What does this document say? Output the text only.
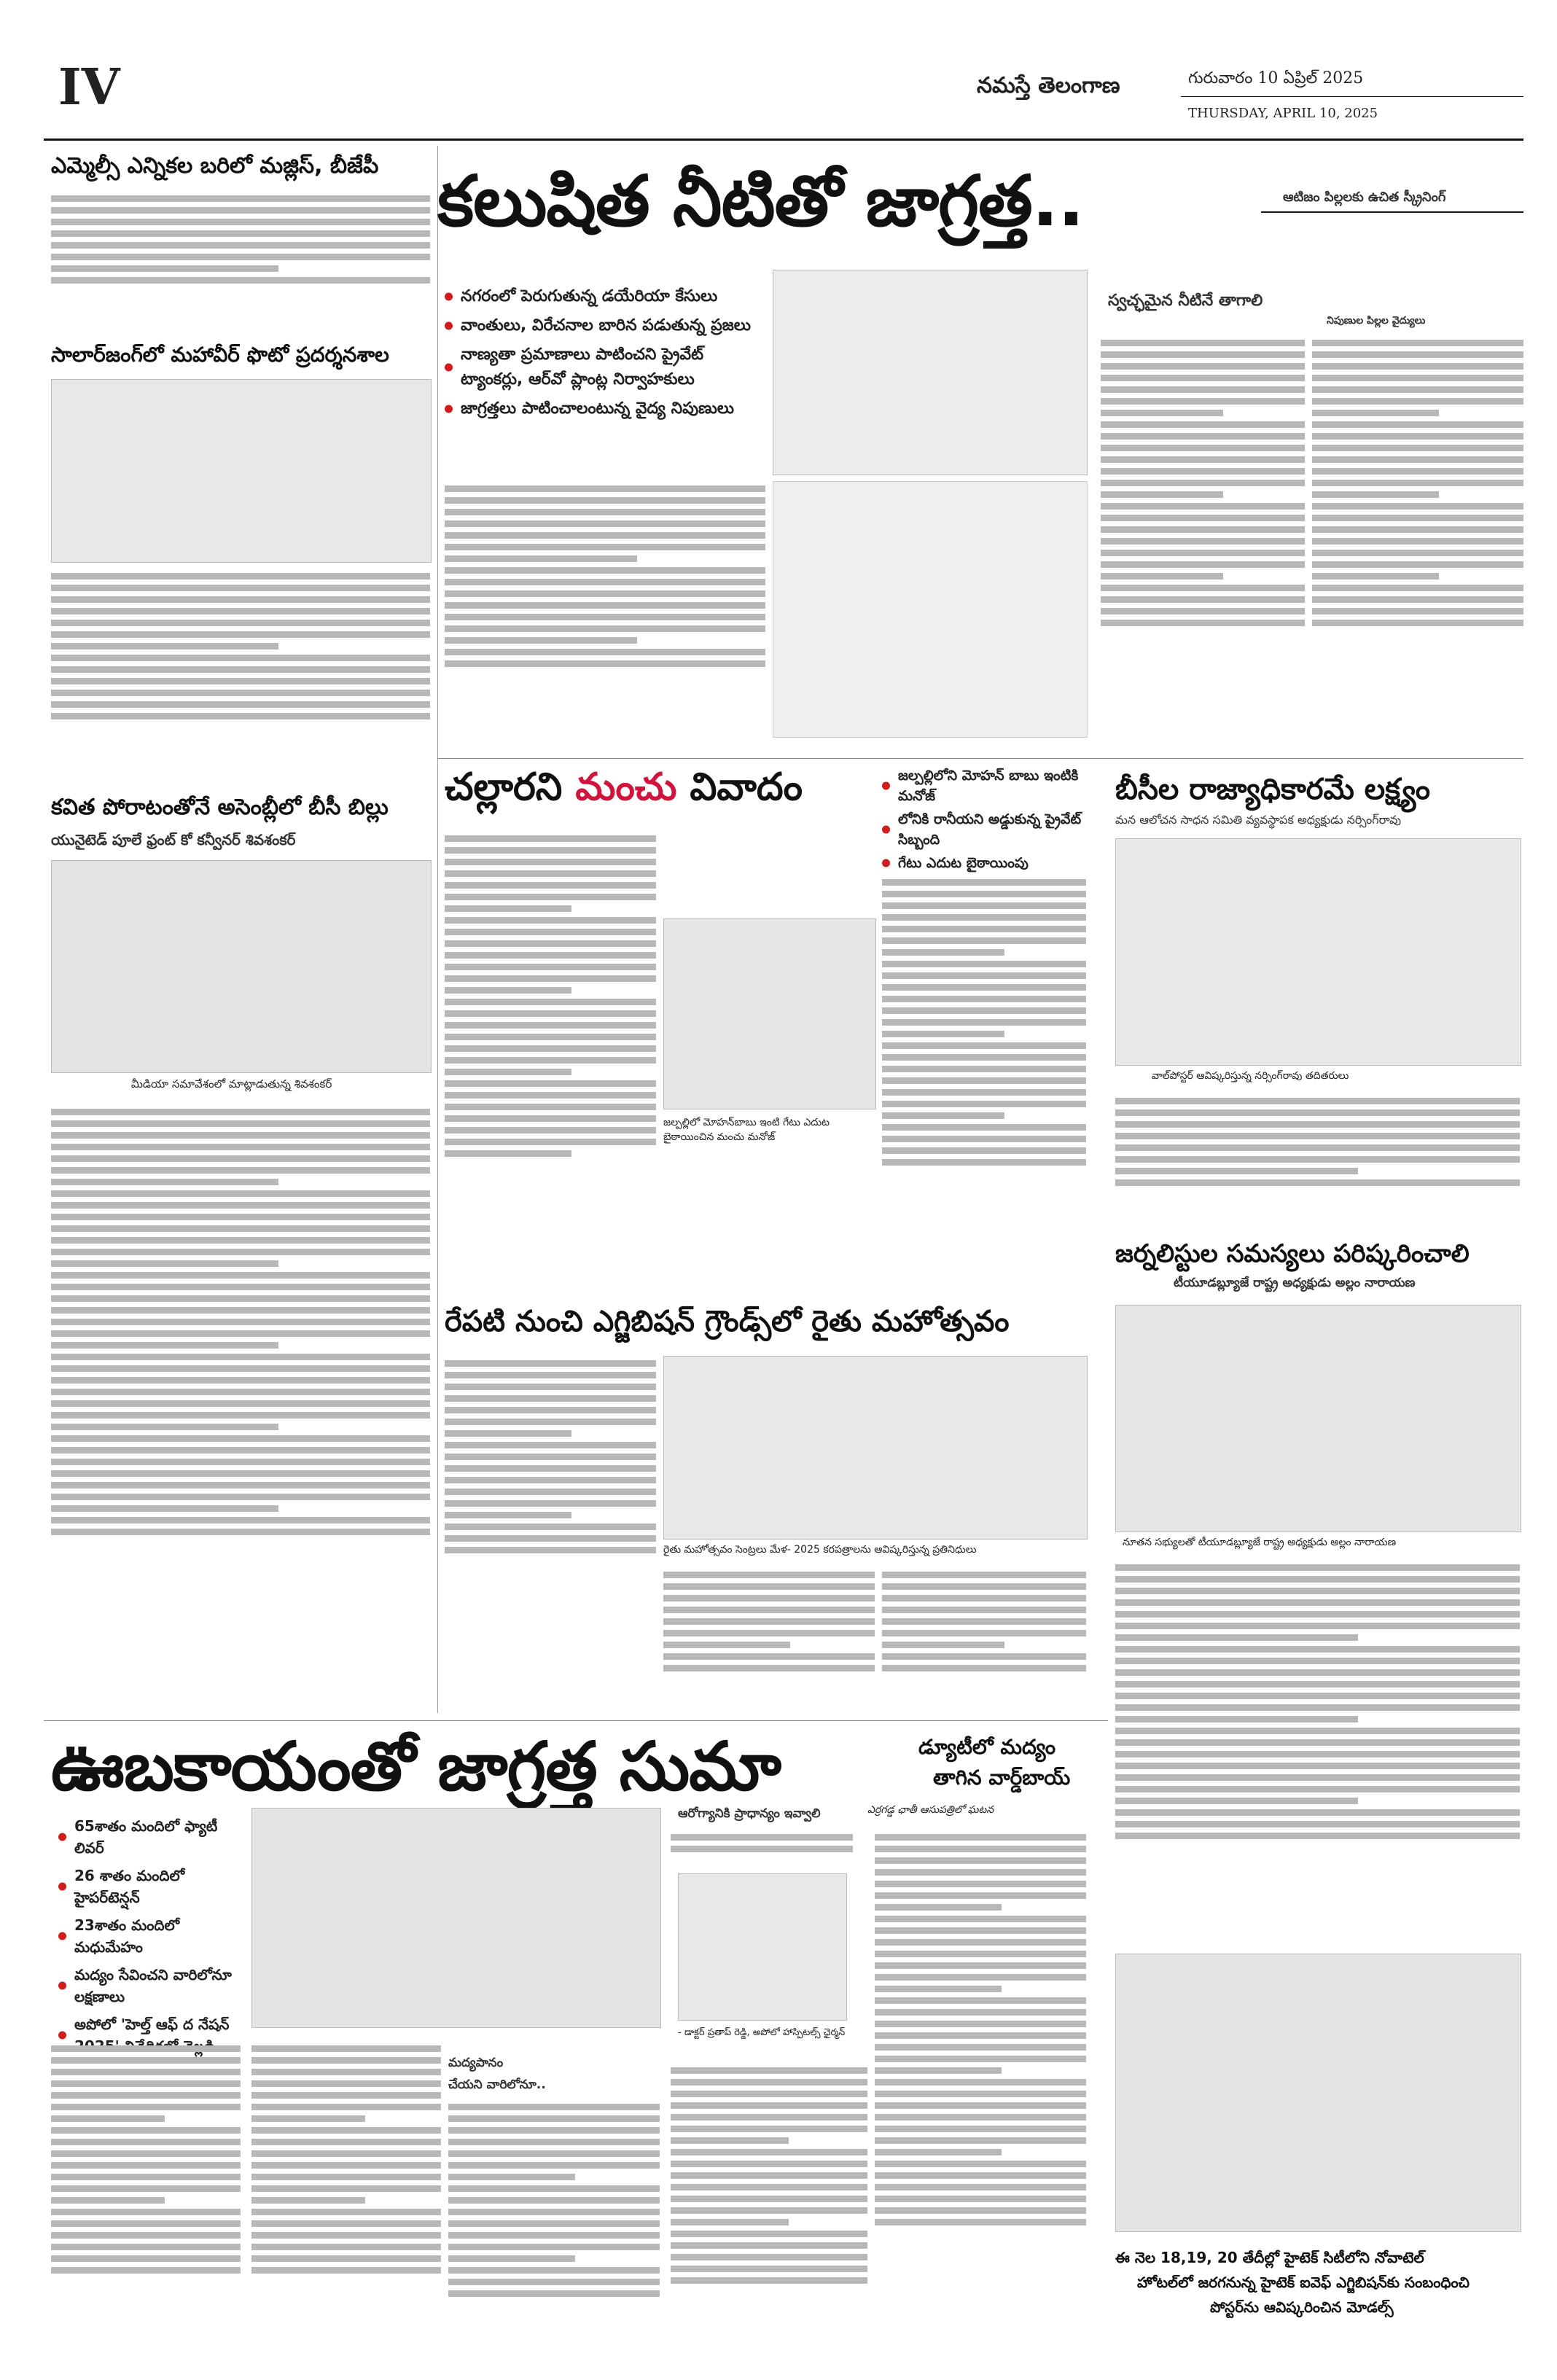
IV	నమస్తే తెలంగాణ	గురువారం 10 ఏప్రిల్ 2025
THURSDAY, APRIL 10, 2025
ఎమ్మెల్సీ ఎన్నికల బరిలో మజ్లిస్, బీజేపీ
సాలార్‌జంగ్‌లో మహావీర్ ఫొటో ప్రదర్శనశాల
కవిత పోరాటంతోనే అసెంబ్లీలో బీసీ బిల్లు
యునైటెడ్ పూలే ఫ్రంట్ కో కన్వీనర్ శివశంకర్
మీడియా సమావేశంలో మాట్లాడుతున్న శివశంకర్
ఆటిజం పిల్లలకు ఉచిత స్క్రీనింగ్
కలుషిత నీటితో జాగ్రత్త..
నగరంలో పెరుగుతున్న డయేరియా కేసులు
వాంతులు, విరేచనాల బారిన పడుతున్న ప్రజలు
నాణ్యతా ప్రమాణాలు పాటించని ప్రైవేట్ ట్యాంకర్లు, ఆర్‌వో ప్లాంట్ల నిర్వాహకులు
జాగ్రత్తలు పాటించాలంటున్న వైద్య నిపుణులు
స్వచ్ఛమైన నీటినే తాగాలి
నిపుణుల పిల్లల వైద్యులు
చల్లారని మంచు వివాదం	జల్పల్లిలోని మోహన్ బాబు ఇంటికి మనోజ్
లోనికి రానీయని అడ్డుకున్న ప్రైవేట్ సిబ్బంది
గేటు ఎదుట బైఠాయింపు
జల్పల్లిలో మోహన్‌బాబు ఇంటి గేటు ఎదుట బైఠాయించిన మంచు మనోజ్
బీసీల రాజ్యాధికారమే లక్ష్యం
మన ఆలోచన సాధన సమితి వ్యవస్థాపక అధ్యక్షుడు నర్సింగ్‌రావు
వాల్‌పోస్టర్ ఆవిష్కరిస్తున్న నర్సింగ్‌రావు తదితరులు
జర్నలిస్టుల సమస్యలు పరిష్కరించాలి
టీయూడబ్ల్యూజే రాష్ట్ర అధ్యక్షుడు అల్లం నారాయణ
నూతన సభ్యులతో టీయూడబ్ల్యూజే రాష్ట్ర అధ్యక్షుడు అల్లం నారాయణ
రేపటి నుంచి ఎగ్జిబిషన్ గ్రౌండ్స్‌లో రైతు మహోత్సవం
రైతు మహోత్సవం సెంట్రలు మేళ- 2025 కరపత్రాలను ఆవిష్కరిస్తున్న ప్రతినిధులు
ఊబకాయంతో జాగ్రత్త సుమా
65శాతం మందిలో ఫ్యాటీ లివర్
26 శాతం మందిలో హైపర్‌టెన్షన్
23శాతం మందిలో మధుమేహం
మద్యం సేవించని వారిలోనూ లక్షణాలు
అపోలో 'హెల్త్ ఆఫ్ ద నేషన్
మద్యపానం
చేయని వారిలోనూ..
ఆరోగ్యానికి ప్రాధాన్యం ఇవ్వాలి
- డాక్టర్ ప్రతాప్ రెడ్డి, అపోలో హాస్పిటల్స్ ఛైర్మన్
డ్యూటీలో మద్యం
తాగిన వార్డ్‌బాయ్
ఎర్రగడ్డ ఛాతీ ఆసుపత్రిలో ఘటన
ఈ నెల 18,19, 20 తేదీల్లో హైటెక్ సిటీలోని నోవాటెల్
హోటల్‌లో జరగనున్న హైటెక్ ఐవెఫ్ ఎగ్జిబిషన్‌కు సంబంధించి
పోస్టర్‌ను ఆవిష్కరించిన మోడల్స్
